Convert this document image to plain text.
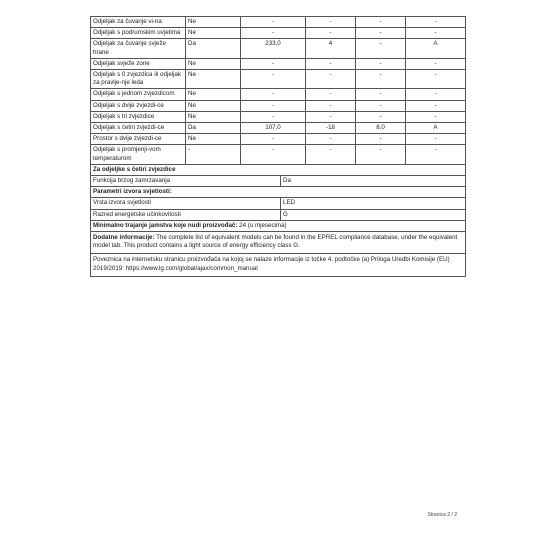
Odjeljak za čuvanje vi-na	Ne	-	-	-	-
Odjeljak s podrumskim uvjetima	Ne	-	-	-	-
Odjeljak za čuvanje svježe hrane	Da	233,0	4	-	A
Odjeljak svježe zone	Ne	-	-	-	-
Odjeljak s 0 zvjezdica ili odjeljak za pravlje-nje leda	Ne	-	-	-	-
Odjeljak s jednom zvjezdicom	Ne	-	-	-	-
Odjeljak s dvije zvjezdi-ce	Ne	-	-	-	-
Odjeljak s tri zvjezdice	Ne	-	-	-	-
Odjeljak s četiri zvjezdi-ce	Da	107,0	-18	8,0	A
Prostor s dvije zvjezdi-ce	Ne	-	-	-	-
Odjeljak s promjenji-vom temperaturom	-	-	-	-	-
Za odjeljke s četiri zvjezdice	
Funkcija brzog zamrzavanja	Da
Parametri izvora svjetlosti:	
Vrsta izvora svjetlosti	LED
Razred energetske učinkovitosti	G
Minimalno trajanje jamstva koje nudi proizvođač: 24 (u mjesecima)	
Dodatne informacije: The complete list of equivalent models can be found in the EPREL compliance database, under the equivalent model tab. This product contains a light source of energy efficiency class G.	
Poveznica na internetsku stranicu proizvođača na kojoj se nalaze informacije iz točke 4. podtočke (a) Priloga Uredbi Komisije (EU) 2019/2019: https://www.lg.com/global/ajax/common_manual	
Stranica 2 / 2
